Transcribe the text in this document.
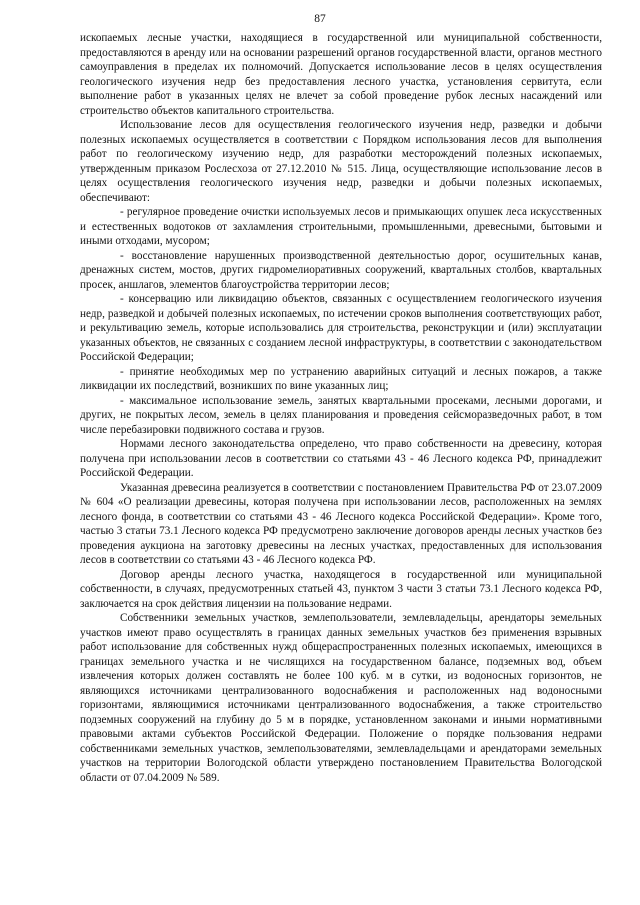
87

ископаемых лесные участки, находящиеся в государственной или муниципальной собственности, предоставляются в аренду или на основании разрешений органов государственной власти, органов местного самоуправления в пределах их полномочий. Допускается использование лесов в целях осуществления геологического изучения недр без предоставления лесного участка, установления сервитута, если выполнение работ в указанных целях не влечет за собой проведение рубок лесных насаждений или строительство объектов капитального строительства.

Использование лесов для осуществления геологического изучения недр, разведки и добычи полезных ископаемых осуществляется в соответствии с Порядком использования лесов для выполнения работ по геологическому изучению недр, для разработки месторождений полезных ископаемых, утвержденным приказом Рослесхоза от 27.12.2010 № 515. Лица, осуществляющие использование лесов в целях осуществления геологического изучения недр, разведки и добычи полезных ископаемых, обеспечивают:

- регулярное проведение очистки используемых лесов и примыкающих опушек леса искусственных и естественных водотоков от захламления строительными, промышленными, древесными, бытовыми и иными отходами, мусором;

- восстановление нарушенных производственной деятельностью дорог, осушительных канав, дренажных систем, мостов, других гидромелиоративных сооружений, квартальных столбов, квартальных просек, аншлагов, элементов благоустройства территории лесов;

- консервацию или ликвидацию объектов, связанных с осуществлением геологического изучения недр, разведкой и добычей полезных ископаемых, по истечении сроков выполнения соответствующих работ, и рекультивацию земель, которые использовались для строительства, реконструкции и (или) эксплуатации указанных объектов, не связанных с созданием лесной инфраструктуры, в соответствии с законодательством Российской Федерации;

- принятие необходимых мер по устранению аварийных ситуаций и лесных пожаров, а также ликвидации их последствий, возникших по вине указанных лиц;

- максимальное использование земель, занятых квартальными просеками, лесными дорогами, и других, не покрытых лесом, земель в целях планирования и проведения сейсморазведочных работ, в том числе перебазировки подвижного состава и грузов.

Нормами лесного законодательства определено, что право собственности на древесину, которая получена при использовании лесов в соответствии со статьями 43 - 46 Лесного кодекса РФ, принадлежит Российской Федерации.

Указанная древесина реализуется в соответствии с постановлением Правительства РФ от 23.07.2009 № 604 «О реализации древесины, которая получена при использовании лесов, расположенных на землях лесного фонда, в соответствии со статьями 43 - 46 Лесного кодекса Российской Федерации». Кроме того, частью 3 статьи 73.1 Лесного кодекса РФ предусмотрено заключение договоров аренды лесных участков без проведения аукциона на заготовку древесины на лесных участках, предоставленных для использования лесов в соответствии со статьями 43 - 46 Лесного кодекса РФ.

Договор аренды лесного участка, находящегося в государственной или муниципальной собственности, в случаях, предусмотренных статьей 43, пунктом 3 части 3 статьи 73.1 Лесного кодекса РФ, заключается на срок действия лицензии на пользование недрами.

Собственники земельных участков, землепользователи, землевладельцы, арендаторы земельных участков имеют право осуществлять в границах данных земельных участков без применения взрывных работ использование для собственных нужд общераспространенных полезных ископаемых, имеющихся в границах земельного участка и не числящихся на государственном балансе, подземных вод, объем извлечения которых должен составлять не более 100 куб. м в сутки, из водоносных горизонтов, не являющихся источниками централизованного водоснабжения и расположенных над водоносными горизонтами, являющимися источниками централизованного водоснабжения, а также строительство подземных сооружений на глубину до 5 м в порядке, установленном законами и иными нормативными правовыми актами субъектов Российской Федерации. Положение о порядке пользования недрами собственниками земельных участков, землепользователями, землевладельцами и арендаторами земельных участков на территории Вологодской области утверждено постановлением Правительства Вологодской области от 07.04.2009 № 589.
